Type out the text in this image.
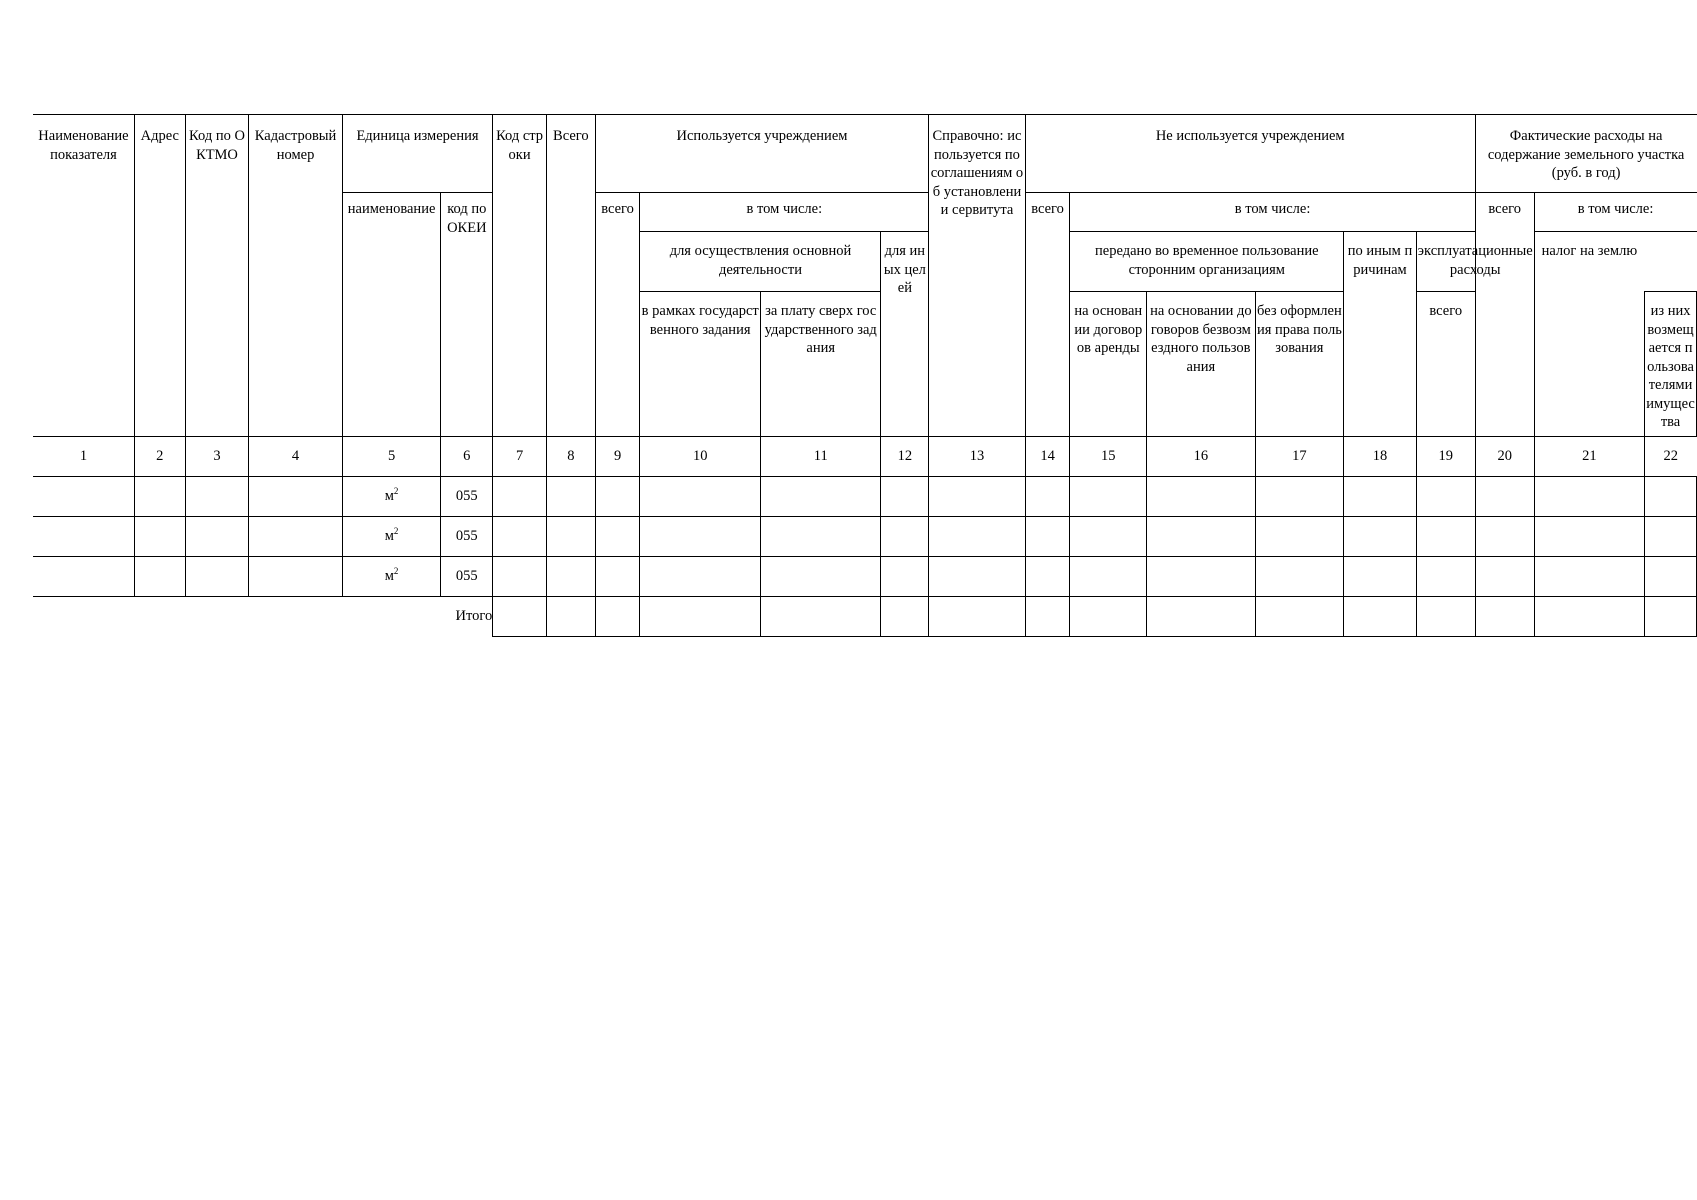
Наименование показателя	Адрес	Код по ОКТМО	Кадастровый номер	Единица измерения		Код строки	Всего	Используется учреждением				Справочно: используется по соглашениям об установлении сервитута	Не используется учреждением						Фактические расходы на содержание земельного участка (руб. в год)		
				наименование	код по ОКЕИ			всего	в том числе:				всего	в том числе:					всего	в том числе:	
									для осуществления основной деятельности		для иных целей			передано во временное пользование сторонним организациям			по иным причинам	эксплуатационные расходы		налог на землю	
									в рамках государственного задания	за плату сверх государственного задания				на основании договоров аренды	на основании договоров безвозмездного пользования	без оформления права пользования		всего			из них возмещается пользователями имущества
1	2	3	4	5	6	7	8	9	10	11	12	13	14	15	16	17	18	19	20	21	22
				$м^2$	055																
				$м^2$	055																
				$м^2$	055																
Итого																					
